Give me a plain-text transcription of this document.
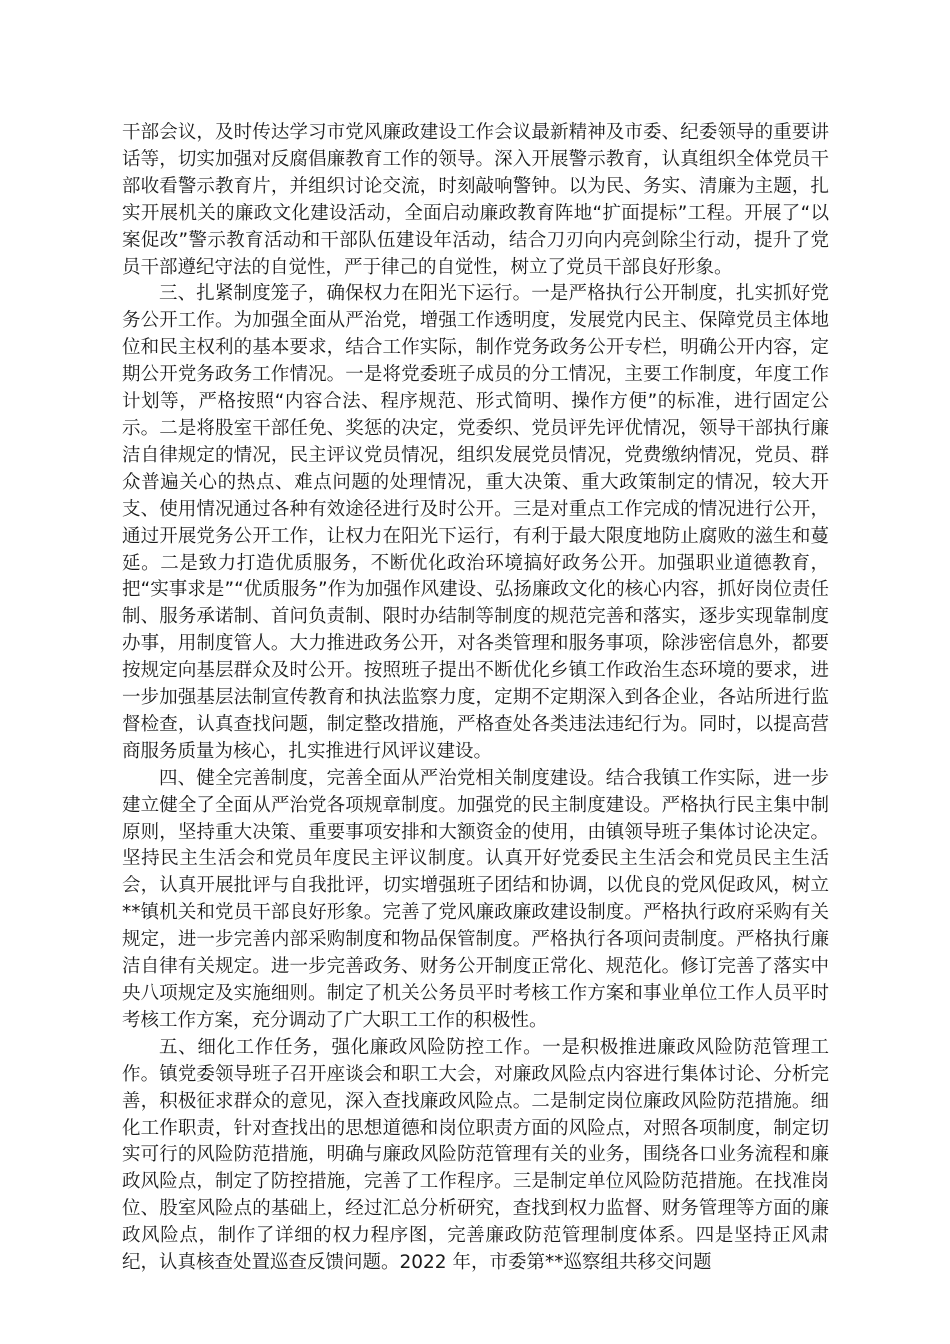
干部会议，及时传达学习市党风廉政建设工作会议最新精神及市委、纪委领导的重要讲话等，切实加强对反腐倡廉教育工作的领导。深入开展警示教育，认真组织全体党员干部收看警示教育片，并组织讨论交流，时刻敲响警钟。以为民、务实、清廉为主题，扎实开展机关的廉政文化建设活动，全面启动廉政教育阵地“扩面提标”工程。开展了“以案促改”警示教育活动和干部队伍建设年活动，结合刀刃向内亮剑除尘行动，提升了党员干部遵纪守法的自觉性，严于律己的自觉性，树立了党员干部良好形象。

三、扎紧制度笼子，确保权力在阳光下运行。一是严格执行公开制度，扎实抓好党务公开工作。为加强全面从严治党，增强工作透明度，发展党内民主、保障党员主体地位和民主权利的基本要求，结合工作实际，制作党务政务公开专栏，明确公开内容，定期公开党务政务工作情况。一是将党委班子成员的分工情况，主要工作制度，年度工作计划等，严格按照“内容合法、程序规范、形式简明、操作方便”的标准，进行固定公示。二是将股室干部任免、奖惩的决定，党委织、党员评先评优情况，领导干部执行廉洁自律规定的情况，民主评议党员情况，组织发展党员情况，党费缴纳情况，党员、群众普遍关心的热点、难点问题的处理情况，重大决策、重大政策制定的情况，较大开支、使用情况通过各种有效途径进行及时公开。三是对重点工作完成的情况进行公开，通过开展党务公开工作，让权力在阳光下运行，有利于最大限度地防止腐败的滋生和蔓延。二是致力打造优质服务，不断优化政治环境搞好政务公开。加强职业道德教育，把“实事求是”“优质服务”作为加强作风建设、弘扬廉政文化的核心内容，抓好岗位责任制、服务承诺制、首问负责制、限时办结制等制度的规范完善和落实，逐步实现靠制度办事，用制度管人。大力推进政务公开，对各类管理和服务事项，除涉密信息外，都要按规定向基层群众及时公开。按照班子提出不断优化乡镇工作政治生态环境的要求，进一步加强基层法制宣传教育和执法监察力度，定期不定期深入到各企业，各站所进行监督检查，认真查找问题，制定整改措施，严格查处各类违法违纪行为。同时，以提高营商服务质量为核心，扎实推进行风评议建设。

四、健全完善制度，完善全面从严治党相关制度建设。结合我镇工作实际，进一步建立健全了全面从严治党各项规章制度。加强党的民主制度建设。严格执行民主集中制原则，坚持重大决策、重要事项安排和大额资金的使用，由镇领导班子集体讨论决定。坚持民主生活会和党员年度民主评议制度。认真开好党委民主生活会和党员民主生活会，认真开展批评与自我批评，切实增强班子团结和协调，以优良的党风促政风，树立**镇机关和党员干部良好形象。完善了党风廉政廉政建设制度。严格执行政府采购有关规定，进一步完善内部采购制度和物品保管制度。严格执行各项问责制度。严格执行廉洁自律有关规定。进一步完善政务、财务公开制度正常化、规范化。修订完善了落实中央八项规定及实施细则。制定了机关公务员平时考核工作方案和事业单位工作人员平时考核工作方案，充分调动了广大职工工作的积极性。

五、细化工作任务，强化廉政风险防控工作。一是积极推进廉政风险防范管理工作。镇党委领导班子召开座谈会和职工大会，对廉政风险点内容进行集体讨论、分析完善，积极征求群众的意见，深入查找廉政风险点。二是制定岗位廉政风险防范措施。细化工作职责，针对查找出的思想道德和岗位职责方面的风险点，对照各项制度，制定切实可行的风险防范措施，明确与廉政风险防范管理有关的业务，围绕各口业务流程和廉政风险点，制定了防控措施，完善了工作程序。三是制定单位风险防范措施。在找准岗位、股室风险点的基础上，经过汇总分析研究，查找到权力监督、财务管理等方面的廉政风险点，制作了详细的权力程序图，完善廉政防范管理制度体系。四是坚持正风肃纪，认真核查处置巡查反馈问题。2022 年，市委第**巡察组共移交问题
